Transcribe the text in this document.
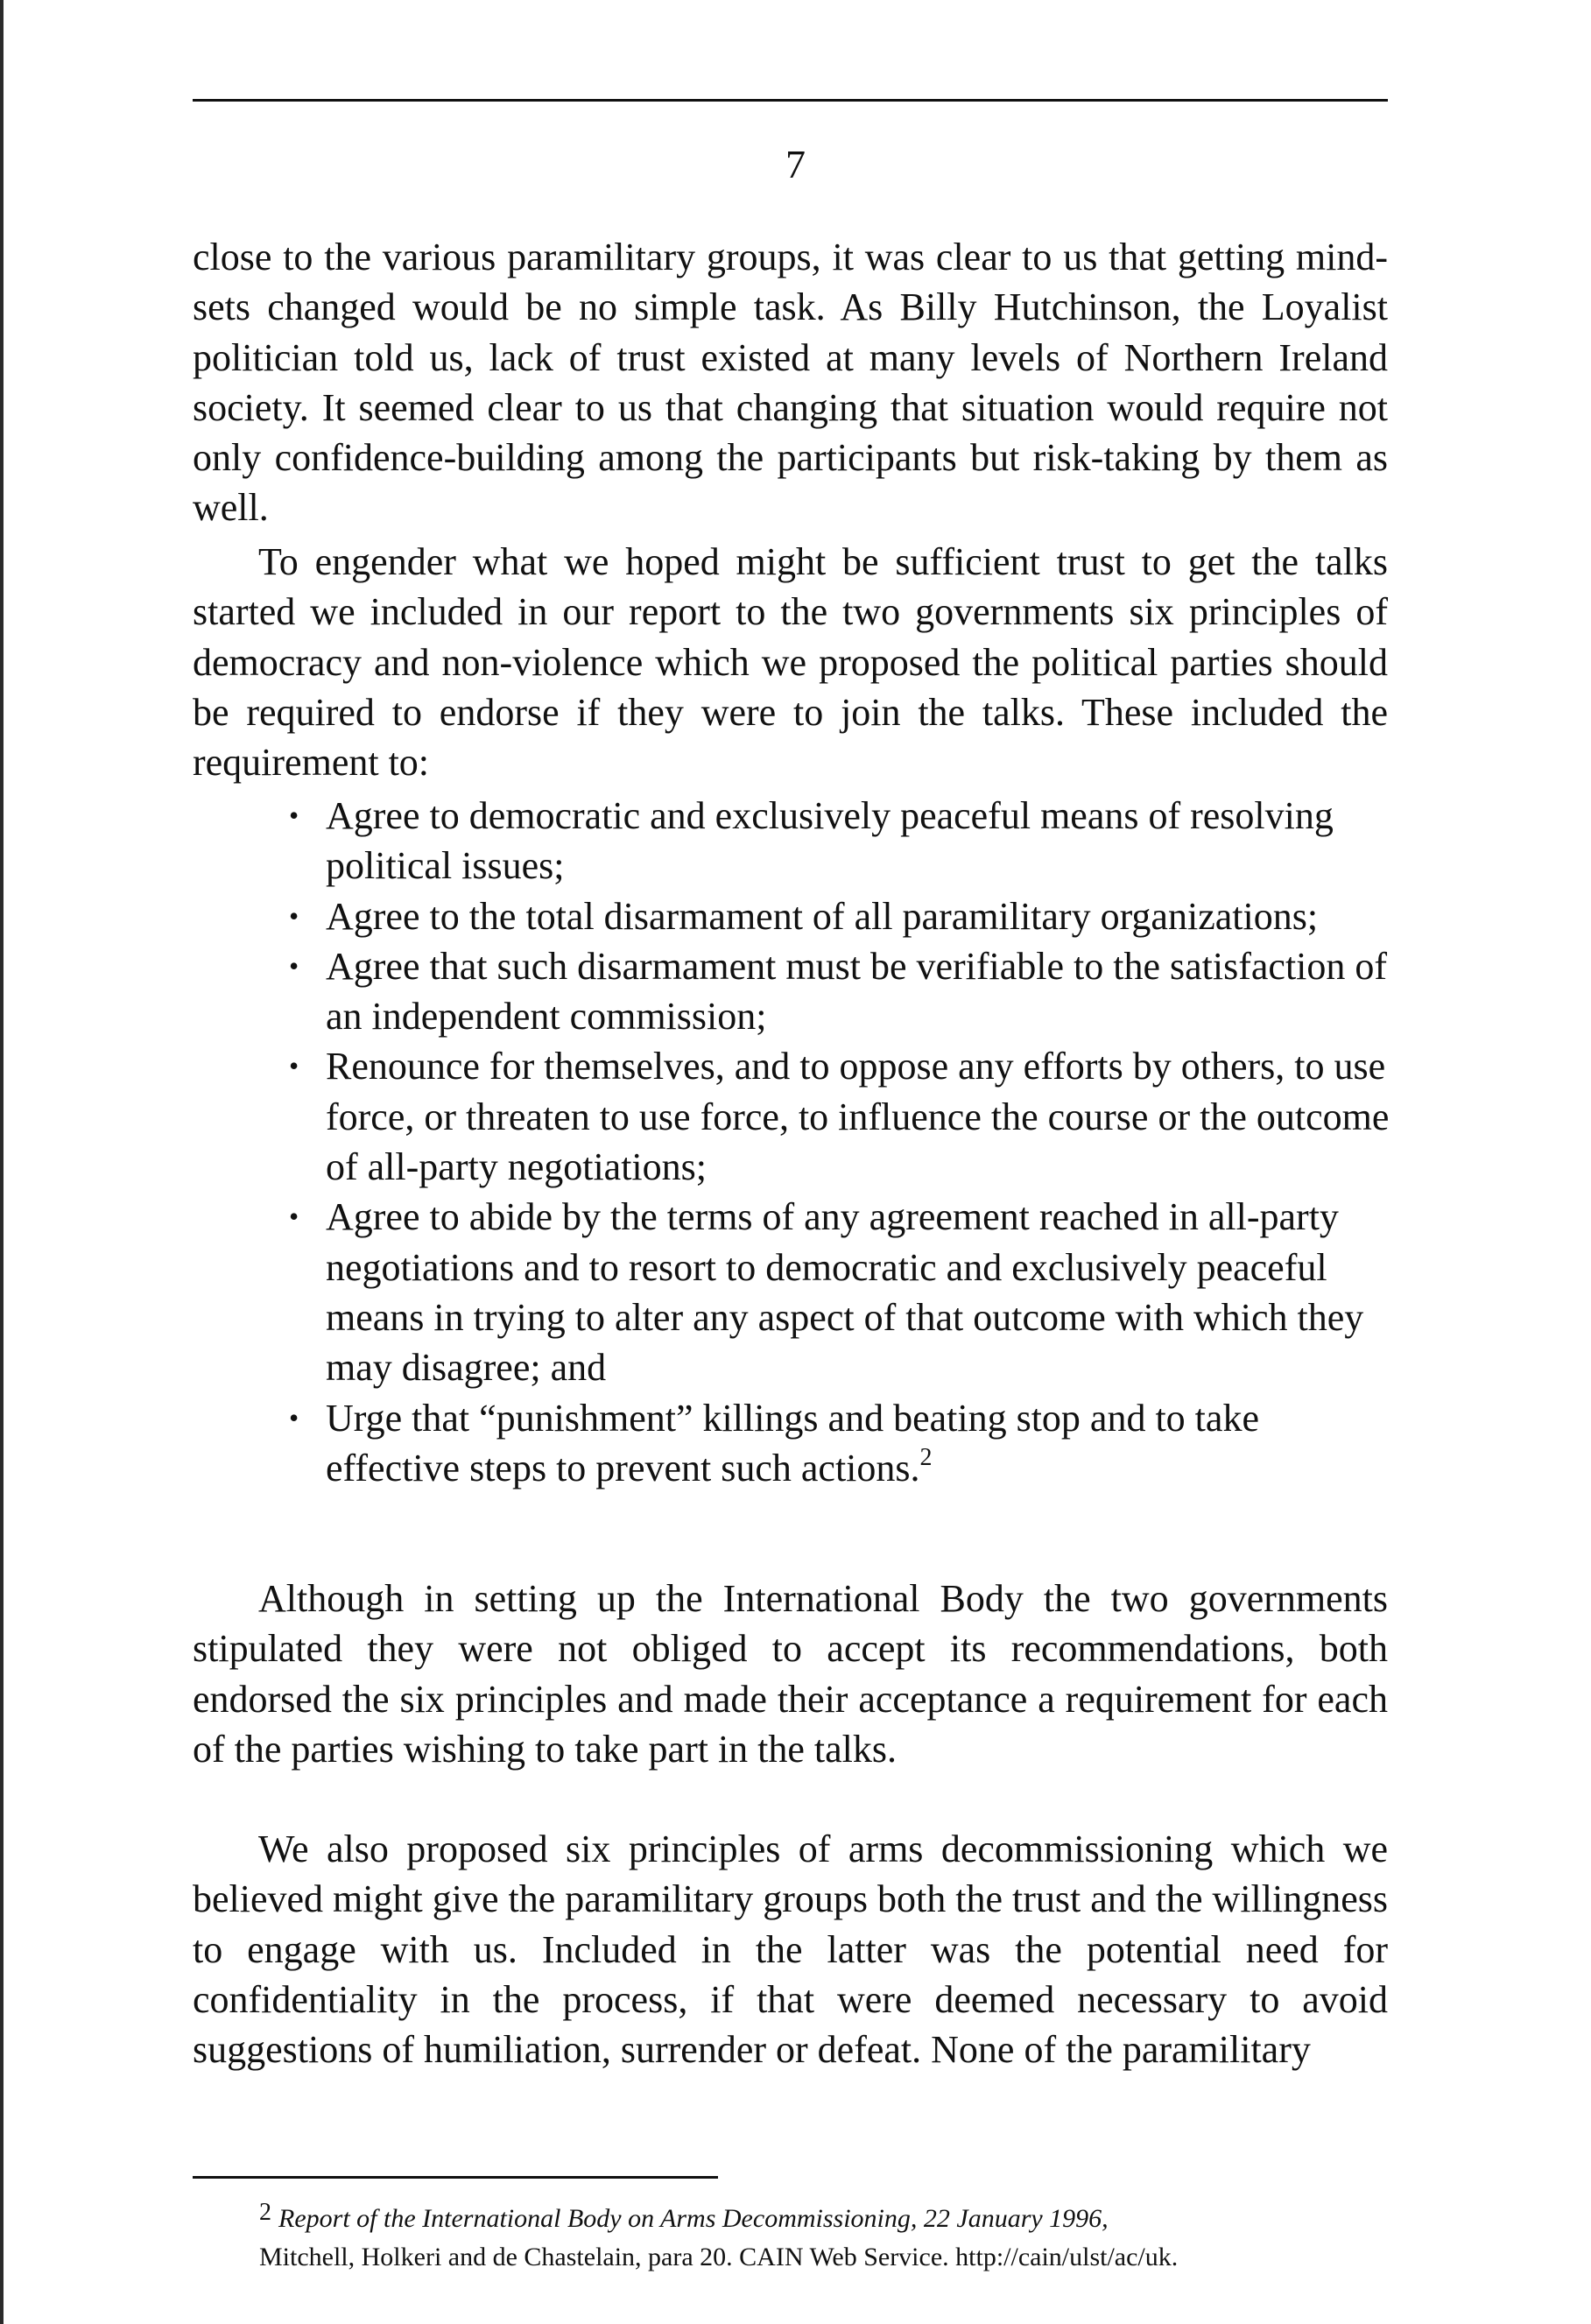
7

close to the various paramilitary groups, it was clear to us that getting mind-sets changed would be no simple task. As Billy Hutchinson, the Loyalist politician told us, lack of trust existed at many levels of Northern Ireland society. It seemed clear to us that changing that situation would require not only confidence-building among the participants but risk-taking by them as well.

To engender what we hoped might be sufficient trust to get the talks started we included in our report to the two governments six principles of democracy and non-violence which we proposed the political parties should be required to endorse if they were to join the talks. These included the requirement to:

• Agree to democratic and exclusively peaceful means of resolving political issues;
• Agree to the total disarmament of all paramilitary organizations;
• Agree that such disarmament must be verifiable to the satisfaction of an independent commission;
• Renounce for themselves, and to oppose any efforts by others, to use force, or threaten to use force, to influence the course or the outcome of all-party negotiations;
• Agree to abide by the terms of any agreement reached in all-party negotiations and to resort to democratic and exclusively peaceful means in trying to alter any aspect of that outcome with which they may disagree; and
• Urge that “punishment” killings and beating stop and to take effective steps to prevent such actions.$^2$

Although in setting up the International Body the two governments stipulated they were not obliged to accept its recommendations, both endorsed the six principles and made their acceptance a requirement for each of the parties wishing to take part in the talks.

We also proposed six principles of arms decommissioning which we believed might give the paramilitary groups both the trust and the willingness to engage with us. Included in the latter was the potential need for confidentiality in the process, if that were deemed necessary to avoid suggestions of humiliation, surrender or defeat. None of the paramilitary

2 Report of the International Body on Arms Decommissioning, 22 January 1996,
Mitchell, Holkeri and de Chastelain, para 20. CAIN Web Service. http://cain/ulst/ac/uk.
